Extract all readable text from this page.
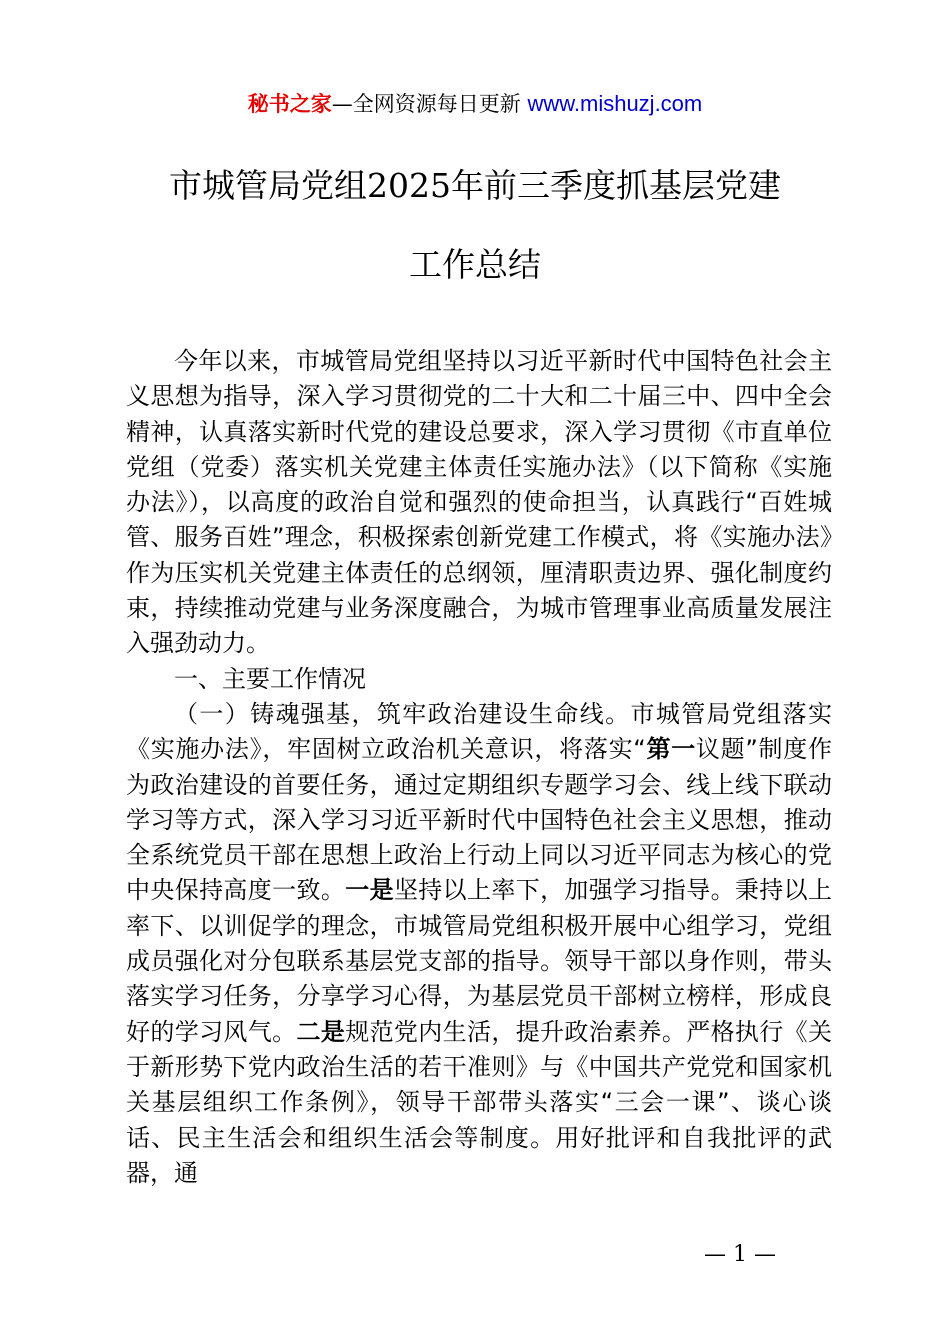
秘书之家—全网资源每日更新 www.mishuzj.com
市城管局党组2025年前三季度抓基层党建
工作总结

今年以来，市城管局党组坚持以习近平新时代中国特色社会主义思想为指导，深入学习贯彻党的二十大和二十届三中、四中全会精神，认真落实新时代党的建设总要求，深入学习贯彻《市直单位党组（党委）落实机关党建主体责任实施办法》（以下简称《实施办法》），以高度的政治自觉和强烈的使命担当，认真践行“百姓城管、服务百姓”理念，积极探索创新党建工作模式，将《实施办法》作为压实机关党建主体责任的总纲领，厘清职责边界、强化制度约束，持续推动党建与业务深度融合，为城市管理事业高质量发展注入强劲动力。

一、主要工作情况

（一）铸魂强基，筑牢政治建设生命线。市城管局党组落实《实施办法》，牢固树立政治机关意识，将落实“第一议题”制度作为政治建设的首要任务，通过定期组织专题学习会、线上线下联动学习等方式，深入学习习近平新时代中国特色社会主义思想，推动全系统党员干部在思想上政治上行动上同以习近平同志为核心的党中央保持高度一致。一是坚持以上率下，加强学习指导。秉持以上率下、以训促学的理念，市城管局党组积极开展中心组学习，党组成员强化对分包联系基层党支部的指导。领导干部以身作则，带头落实学习任务，分享学习心得，为基层党员干部树立榜样，形成良好的学习风气。二是规范党内生活，提升政治素养。严格执行《关于新形势下党内政治生活的若干准则》与《中国共产党党和国家机关基层组织工作条例》，领导干部带头落实“三会一课”、谈心谈话、民主生活会和组织生活会等制度。用好批评和自我批评的武器，通

— 1 —
